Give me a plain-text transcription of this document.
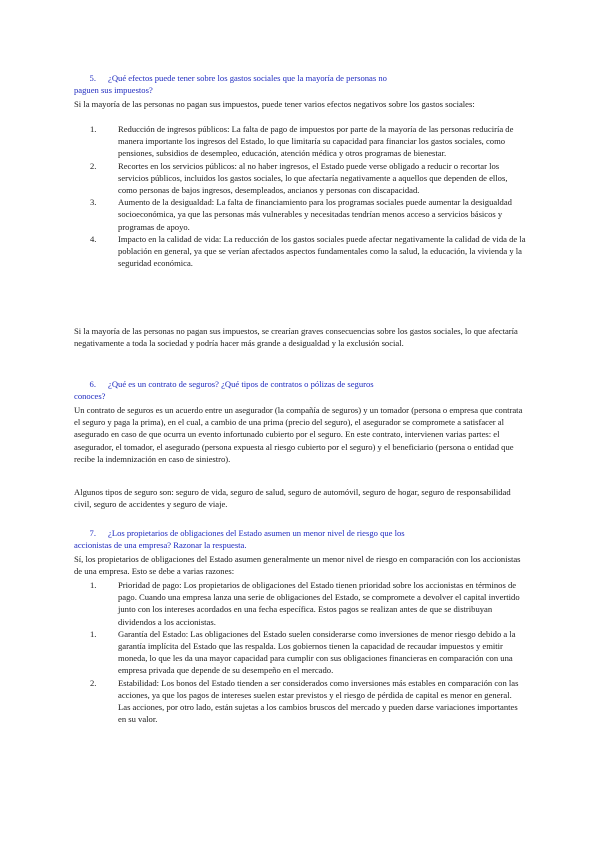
5. ¿Qué efectos puede tener sobre los gastos sociales que la mayoría de personas no
paguen sus impuestos?
Si la mayoría de las personas no pagan sus impuestos, puede tener varios efectos negativos sobre los gastos sociales:
1.	Reducción de ingresos públicos: La falta de pago de impuestos por parte de la mayoría de las personas reduciría de manera importante los ingresos del Estado, lo que limitaría su capacidad para financiar los gastos sociales, como pensiones, subsidios de desempleo, educación, atención médica y otros programas de bienestar.
2.	Recortes en los servicios públicos: al no haber ingresos, el Estado puede verse obligado a reducir o recortar los servicios públicos, incluidos los gastos sociales, lo que afectaría negativamente a aquellos que dependen de ellos, como personas de bajos ingresos, desempleados, ancianos y personas con discapacidad.
3.	Aumento de la desigualdad: La falta de financiamiento para los programas sociales puede aumentar la desigualdad socioeconómica, ya que las personas más vulnerables y necesitadas tendrían menos acceso a servicios básicos y programas de apoyo.
4.	Impacto en la calidad de vida: La reducción de los gastos sociales puede afectar negativamente la calidad de vida de la población en general, ya que se verían afectados aspectos fundamentales como la salud, la educación, la vivienda y la seguridad económica.
Si la mayoría de las personas no pagan sus impuestos, se crearían graves consecuencias sobre los gastos sociales, lo que afectaría negativamente a toda la sociedad y podría hacer más grande a desigualdad y la exclusión social.
6. ¿Qué es un contrato de seguros? ¿Qué tipos de contratos o pólizas de seguros
conoces?
Un contrato de seguros es un acuerdo entre un asegurador (la compañía de seguros) y un tomador (persona o empresa que contrata el seguro y paga la prima), en el cual, a cambio de una prima (precio del seguro), el asegurador se compromete a satisfacer al asegurado en caso de que ocurra un evento infortunado cubierto por el seguro. En este contrato, intervienen varias partes: el asegurador, el tomador, el asegurado (persona expuesta al riesgo cubierto por el seguro) y el beneficiario (persona o entidad que recibe la indemnización en caso de siniestro).
Algunos tipos de seguro son: seguro de vida, seguro de salud, seguro de automóvil, seguro de hogar, seguro de responsabilidad civil, seguro de accidentes y seguro de viaje.
7. ¿Los propietarios de obligaciones del Estado asumen un menor nivel de riesgo que los
accionistas de una empresa? Razonar la respuesta.
Sí, los propietarios de obligaciones del Estado asumen generalmente un menor nivel de riesgo en comparación con los accionistas de una empresa. Esto se debe a varias razones:
1.	Prioridad de pago: Los propietarios de obligaciones del Estado tienen prioridad sobre los accionistas en términos de pago. Cuando una empresa lanza una serie de obligaciones del Estado, se compromete a devolver el capital invertido junto con los intereses acordados en una fecha específica. Estos pagos se realizan antes de que se distribuyan dividendos a los accionistas.
1.	Garantía del Estado: Las obligaciones del Estado suelen considerarse como inversiones de menor riesgo debido a la garantía implícita del Estado que las respalda. Los gobiernos tienen la capacidad de recaudar impuestos y emitir moneda, lo que les da una mayor capacidad para cumplir con sus obligaciones financieras en comparación con una empresa privada que depende de su desempeño en el mercado.
2.	Estabilidad: Los bonos del Estado tienden a ser considerados como inversiones más estables en comparación con las acciones, ya que los pagos de intereses suelen estar previstos y el riesgo de pérdida de capital es menor en general. Las acciones, por otro lado, están sujetas a los cambios bruscos del mercado y pueden darse variaciones importantes en su valor.
